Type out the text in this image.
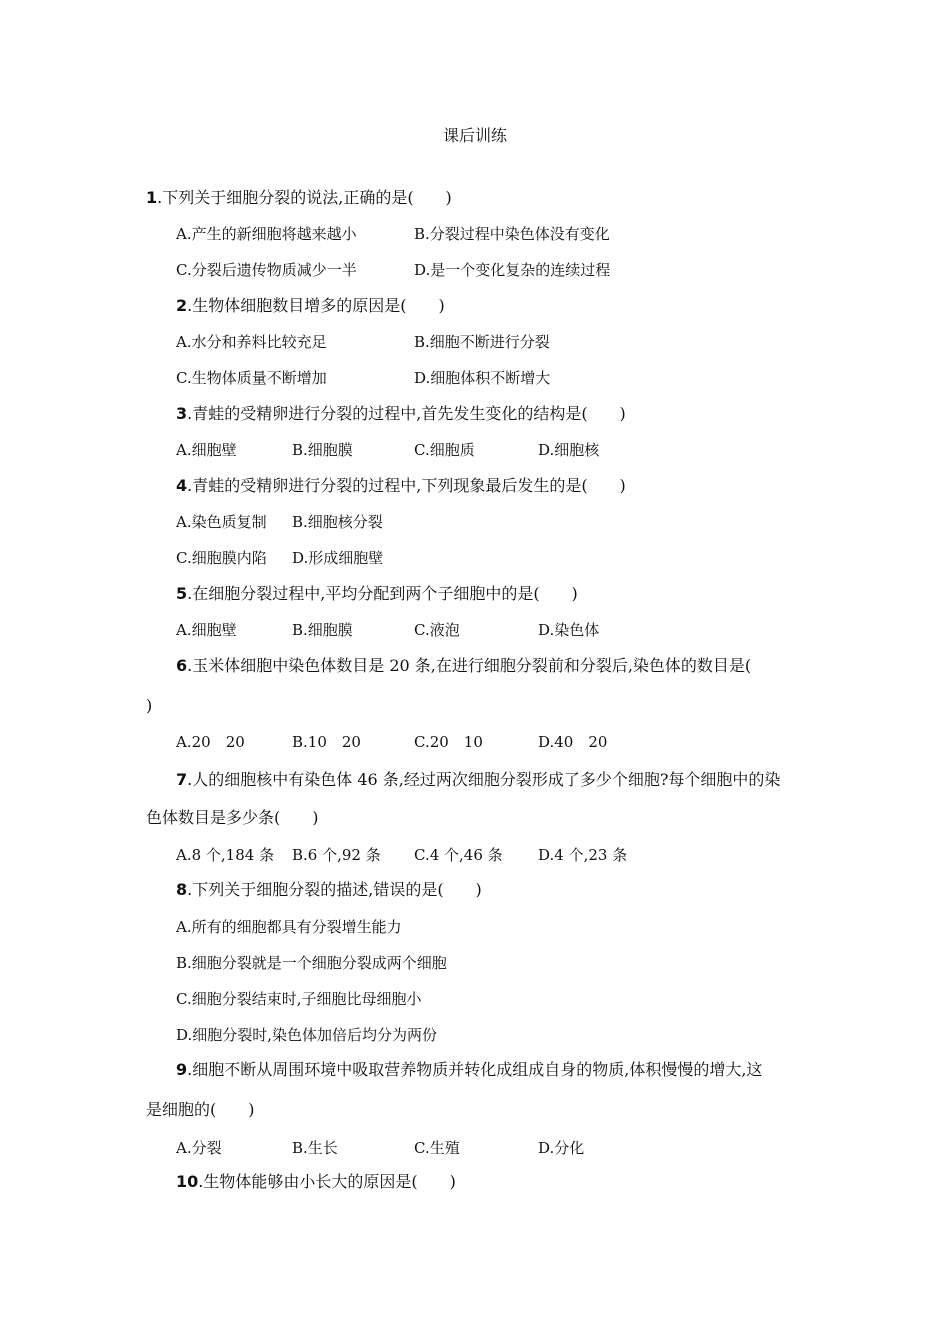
课后训练
1.下列关于细胞分裂的说法,正确的是(　　)
A.产生的新细胞将越来越小	B.分裂过程中染色体没有变化
C.分裂后遗传物质减少一半	D.是一个变化复杂的连续过程
2.生物体细胞数目增多的原因是(　　)
A.水分和养料比较充足	B.细胞不断进行分裂
C.生物体质量不断增加	D.细胞体积不断增大
3.青蛙的受精卵进行分裂的过程中,首先发生变化的结构是(　　)
A.细胞壁	B.细胞膜	C.细胞质	D.细胞核
4.青蛙的受精卵进行分裂的过程中,下列现象最后发生的是(　　)
A.染色质复制 B.细胞核分裂
C.细胞膜内陷 D.形成细胞壁
5.在细胞分裂过程中,平均分配到两个子细胞中的是(　　)
A.细胞壁	B.细胞膜	C.液泡	D.染色体
6.玉米体细胞中染色体数目是 20 条,在进行细胞分裂前和分裂后,染色体的数目是(
)
A.20　20	B.10　20	C.20　10	D.40　20
7.人的细胞核中有染色体 46 条,经过两次细胞分裂形成了多少个细胞?每个细胞中的染
色体数目是多少条(　　)
A.8 个,184 条 B.6 个,92 条 C.4 个,46 条 D.4 个,23 条
8.下列关于细胞分裂的描述,错误的是(　　)
A.所有的细胞都具有分裂增生能力
B.细胞分裂就是一个细胞分裂成两个细胞
C.细胞分裂结束时,子细胞比母细胞小
D.细胞分裂时,染色体加倍后均分为两份
9.细胞不断从周围环境中吸取营养物质并转化成组成自身的物质,体积慢慢的增大,这
是细胞的(　　)
A.分裂	B.生长	C.生殖	D.分化
10.生物体能够由小长大的原因是(　　)
